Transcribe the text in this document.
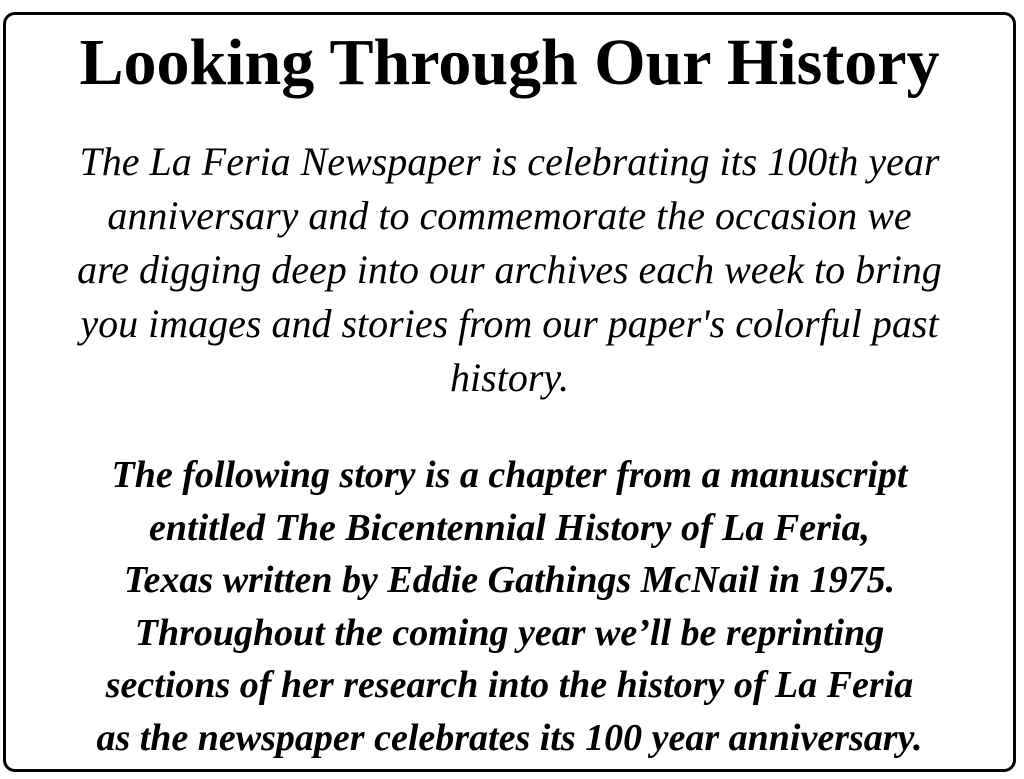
Looking Through Our History

The La Feria Newspaper is celebrating its 100th year
anniversary and to commemorate the occasion we
are digging deep into our archives each week to bring
you images and stories from our paper's colorful past
history.

The following story is a chapter from a manuscript
entitled The Bicentennial History of La Feria,
Texas written by Eddie Gathings McNail in 1975.
Throughout the coming year we’ll be reprinting
sections of her research into the history of La Feria
as the newspaper celebrates its 100 year anniversary.
